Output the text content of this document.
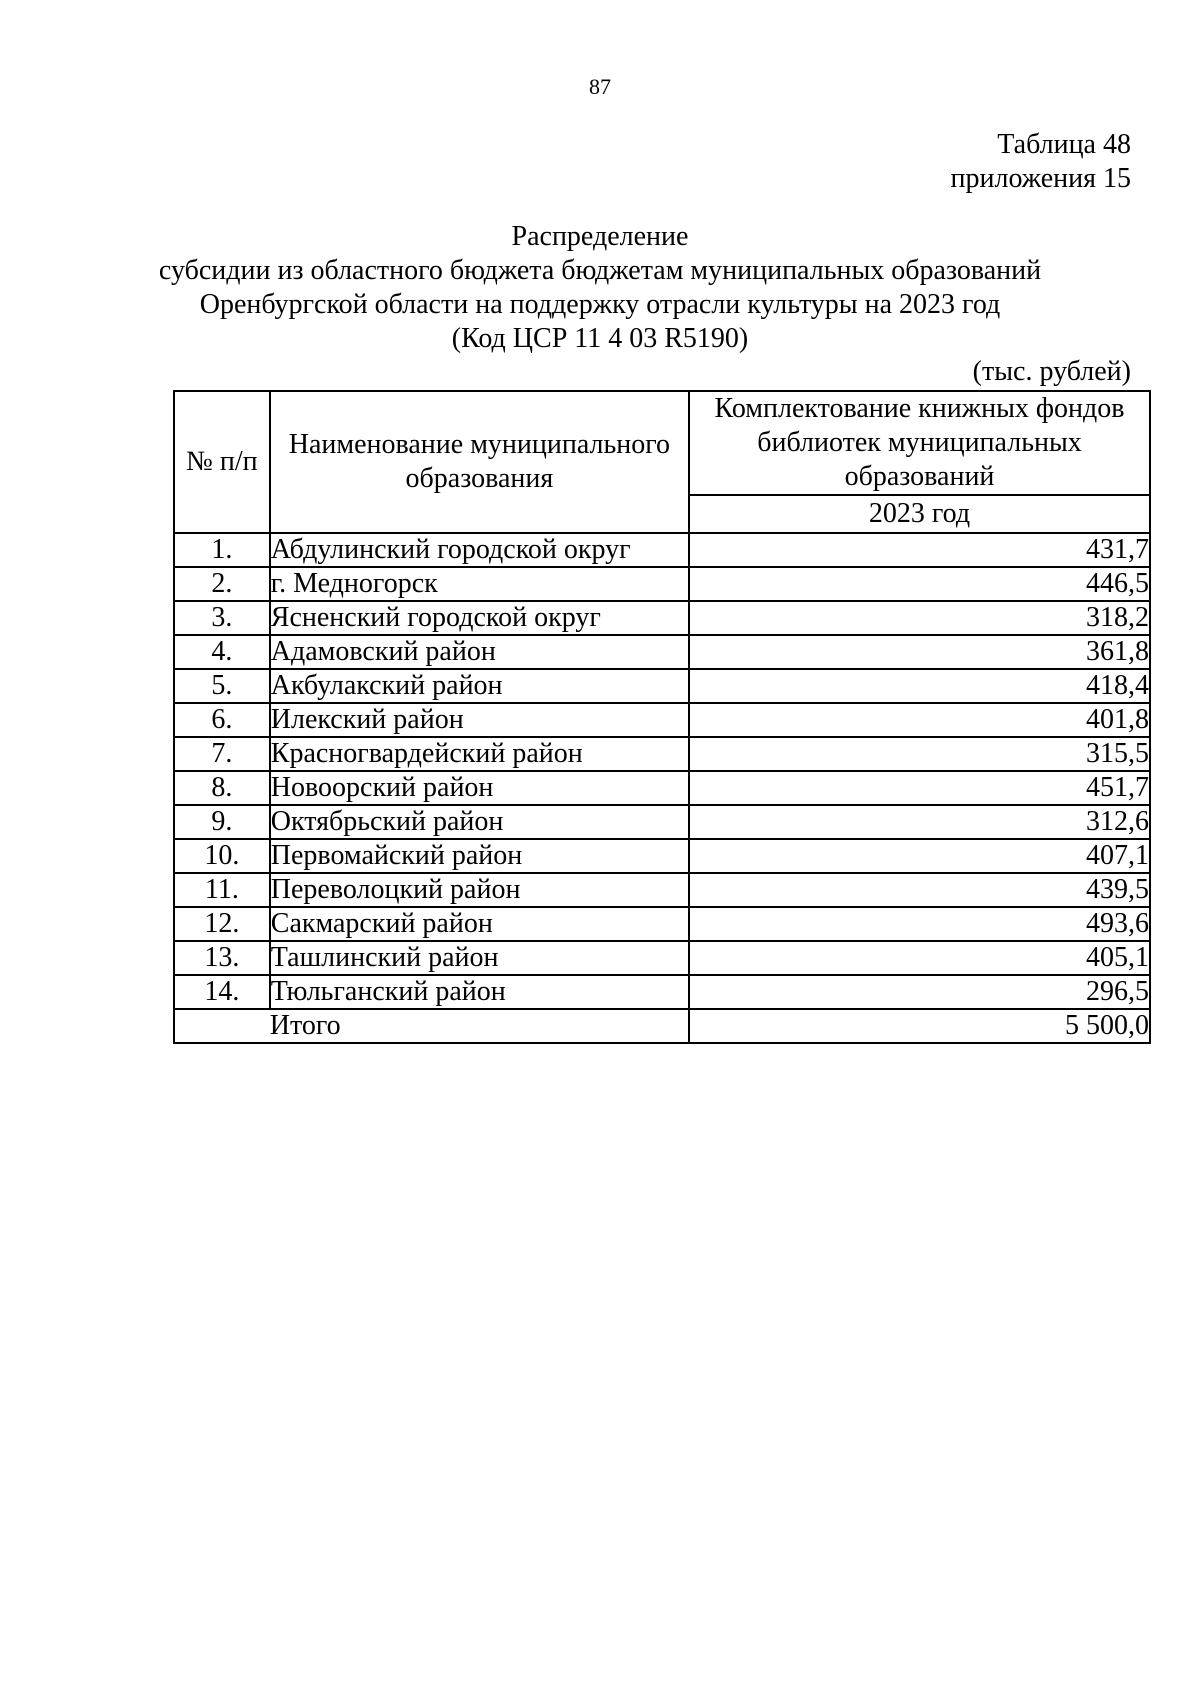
87
Таблица 48
приложения 15
Распределение
субсидии из областного бюджета бюджетам муниципальных образований
Оренбургской области на поддержку отрасли культуры на 2023 год
(Код ЦСР 11 4 03 R5190)
(тыс. рублей)
№ п/п	Наименование муниципального образования	Комплектование книжных фондов библиотек муниципальных образований
		2023 год
1.	Абдулинский городской округ	431,7
2.	г. Медногорск	446,5
3.	Ясненский городской округ	318,2
4.	Адамовский район	361,8
5.	Акбулакский район	418,4
6.	Илекский район	401,8
7.	Красногвардейский район	315,5
8.	Новоорский район	451,7
9.	Октябрьский район	312,6
10.	Первомайский район	407,1
11.	Переволоцкий район	439,5
12.	Сакмарский район	493,6
13.	Ташлинский район	405,1
14.	Тюльганский район	296,5
	Итого	5 500,0
